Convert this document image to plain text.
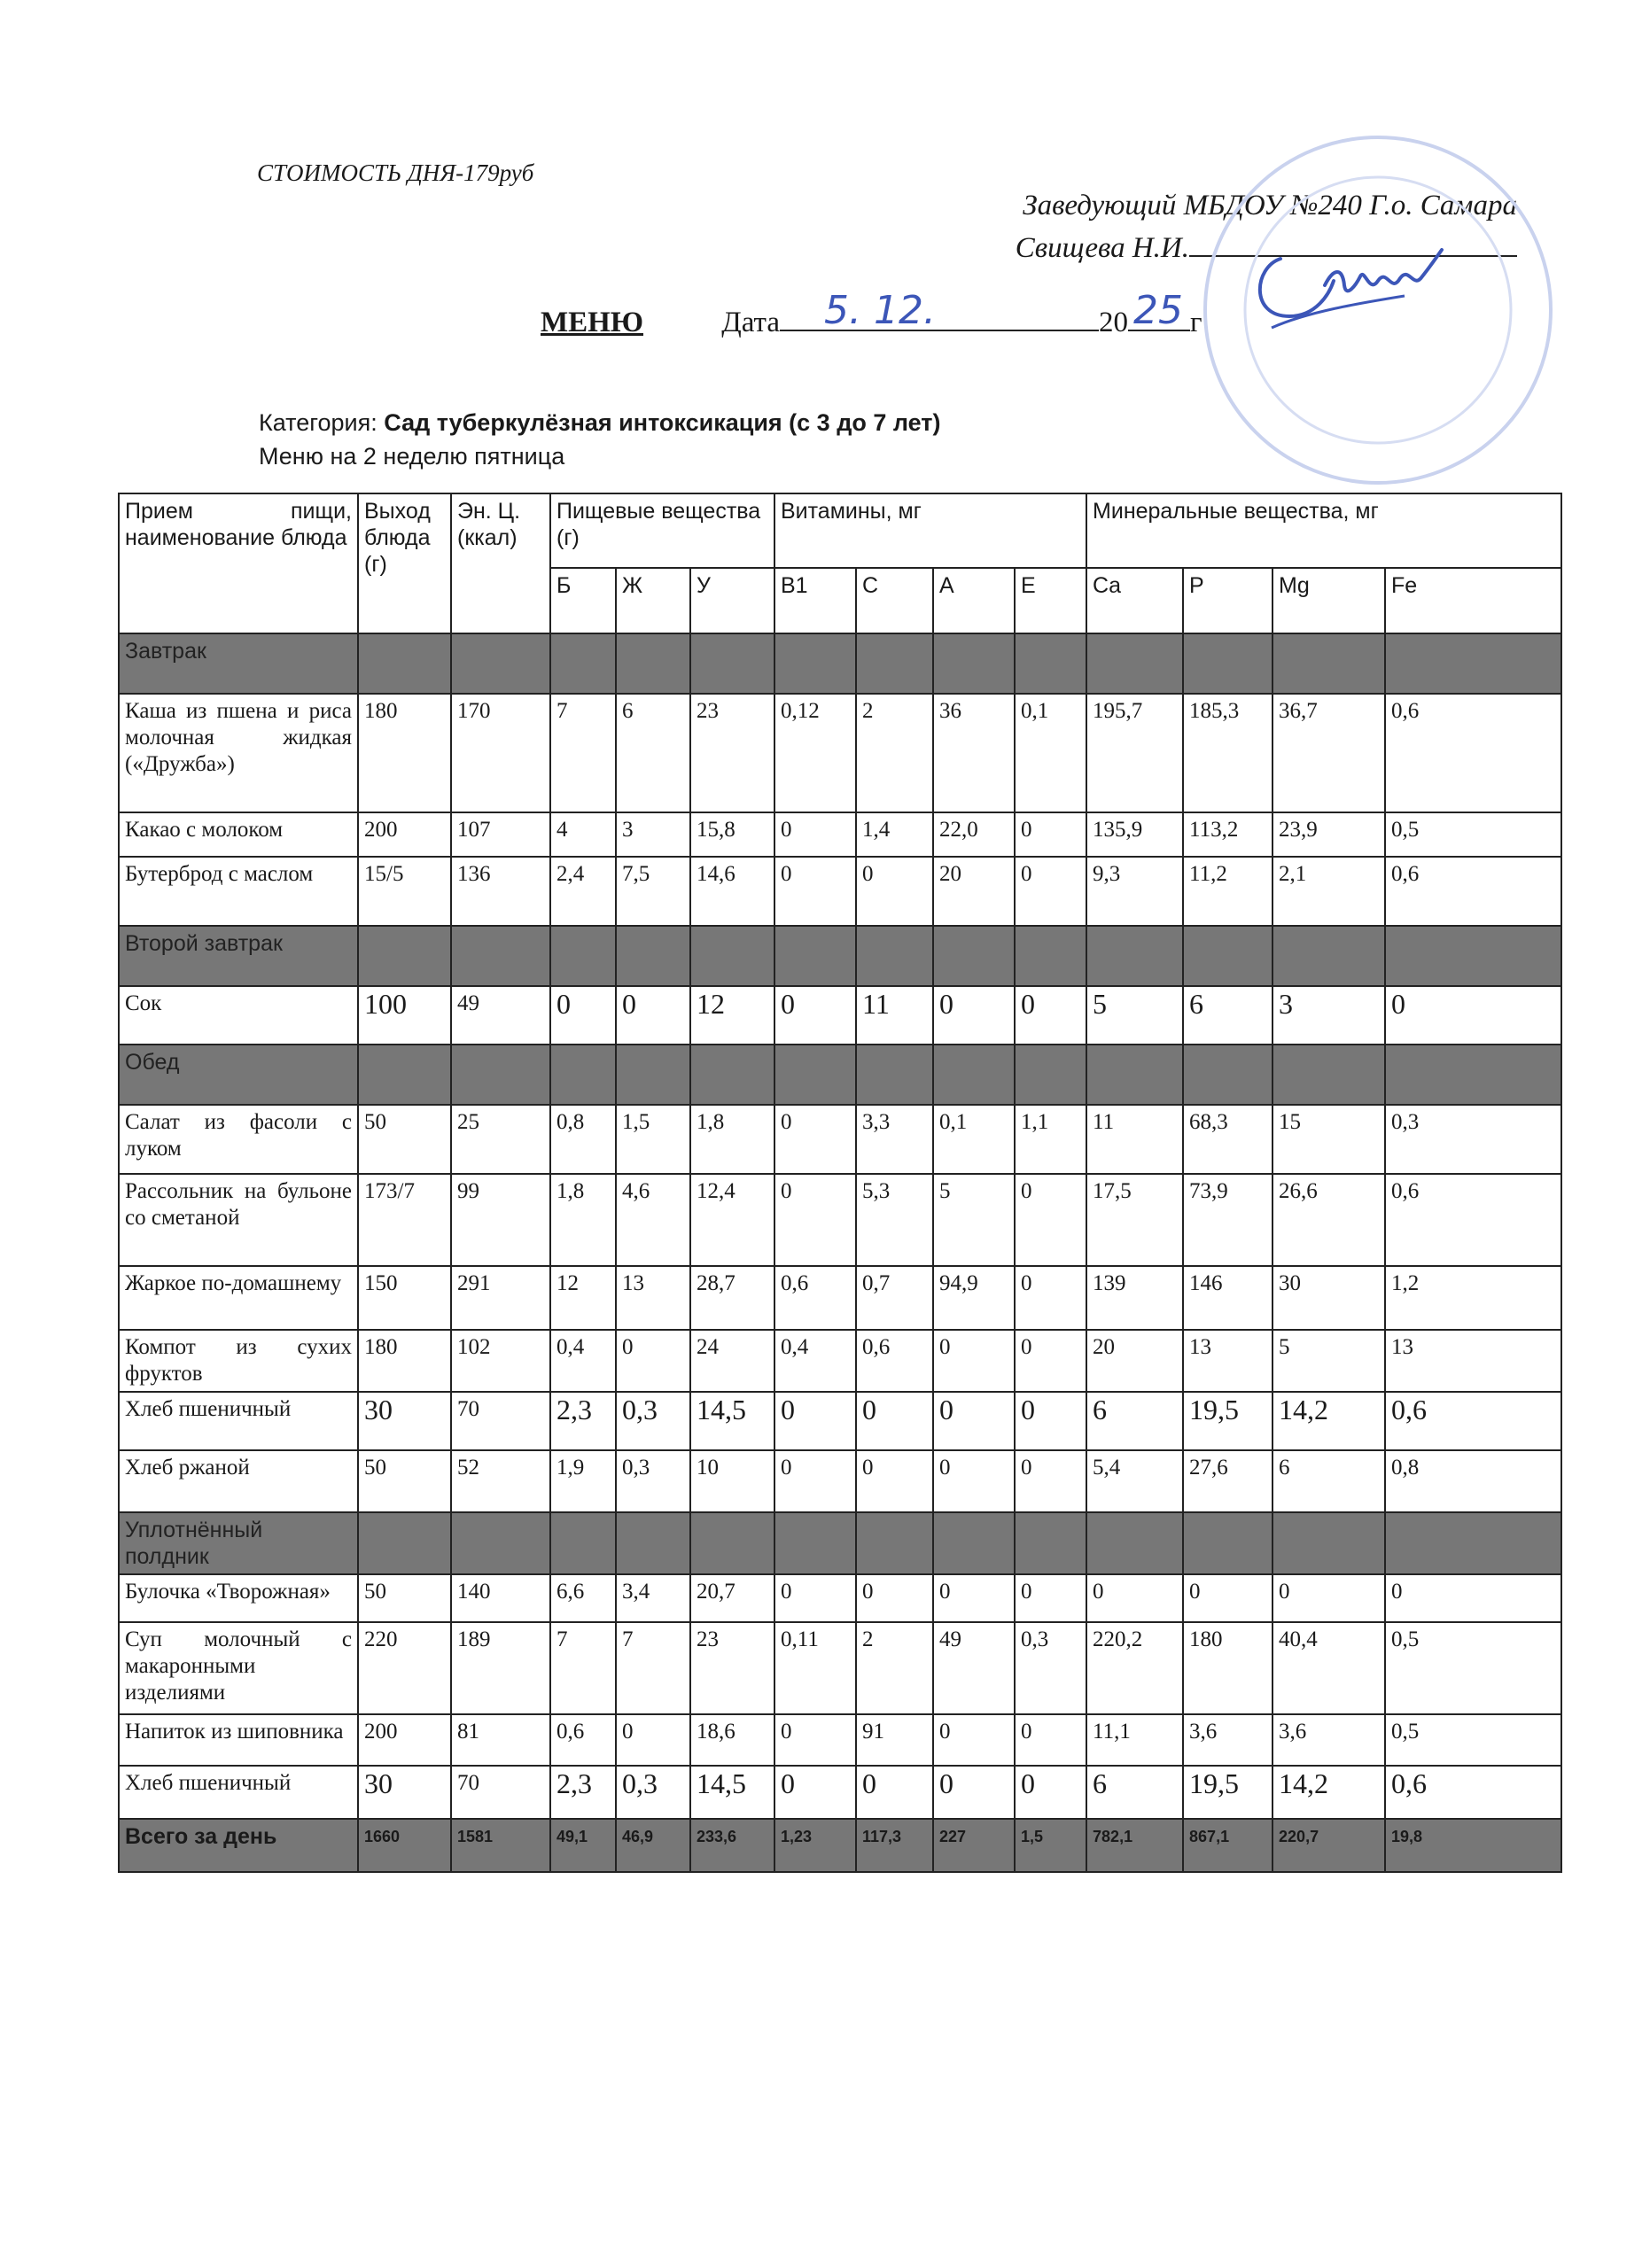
СТОИМОСТЬ ДНЯ-179руб
Заведующий МБДОУ №240 Г.о. Самара
Свищева Н.И.
МЕНЮ	Дата 5. 12.	20 25 г
Категория: Сад туберкулёзная интоксикация (с 3 до 7 лет)
Меню на 2 неделю пятница
Прием пищи, наименование блюда	Выход блюда (г)	Эн. Ц. (ккал)	Пищевые вещества (г)			Витамины, мг				Минеральные вещества, мг			
			Б	Ж	У	B1	C	A	E	Ca	P	Mg	Fe
Завтрак													
Каша из пшена и риса молочная жидкая («Дружба»)	180	170	7	6	23	0,12	2	36	0,1	195,7	185,3	36,7	0,6
Какао с молоком	200	107	4	3	15,8	0	1,4	22,0	0	135,9	113,2	23,9	0,5
Бутерброд с маслом	15/5	136	2,4	7,5	14,6	0	0	20	0	9,3	11,2	2,1	0,6
Второй завтрак													
Сок	100	49	0	0	12	0	11	0	0	5	6	3	0
Обед													
Салат из фасоли с луком	50	25	0,8	1,5	1,8	0	3,3	0,1	1,1	11	68,3	15	0,3
Рассольник на бульоне со сметаной	173/7	99	1,8	4,6	12,4	0	5,3	5	0	17,5	73,9	26,6	0,6
Жаркое по-домашнему	150	291	12	13	28,7	0,6	0,7	94,9	0	139	146	30	1,2
Компот из сухих фруктов	180	102	0,4	0	24	0,4	0,6	0	0	20	13	5	13
Хлеб пшеничный	30	70	2,3	0,3	14,5	0	0	0	0	6	19,5	14,2	0,6
Хлеб ржаной	50	52	1,9	0,3	10	0	0	0	0	5,4	27,6	6	0,8
Уплотнённый полдник													
Булочка «Творожная»	50	140	6,6	3,4	20,7	0	0	0	0	0	0	0	0
Суп молочный с макаронными изделиями	220	189	7	7	23	0,11	2	49	0,3	220,2	180	40,4	0,5
Напиток из шиповника	200	81	0,6	0	18,6	0	91	0	0	11,1	3,6	3,6	0,5
Хлеб пшеничный	30	70	2,3	0,3	14,5	0	0	0	0	6	19,5	14,2	0,6
Всего за день	1660	1581	49,1	46,9	233,6	1,23	117,3	227	1,5	782,1	867,1	220,7	19,8
